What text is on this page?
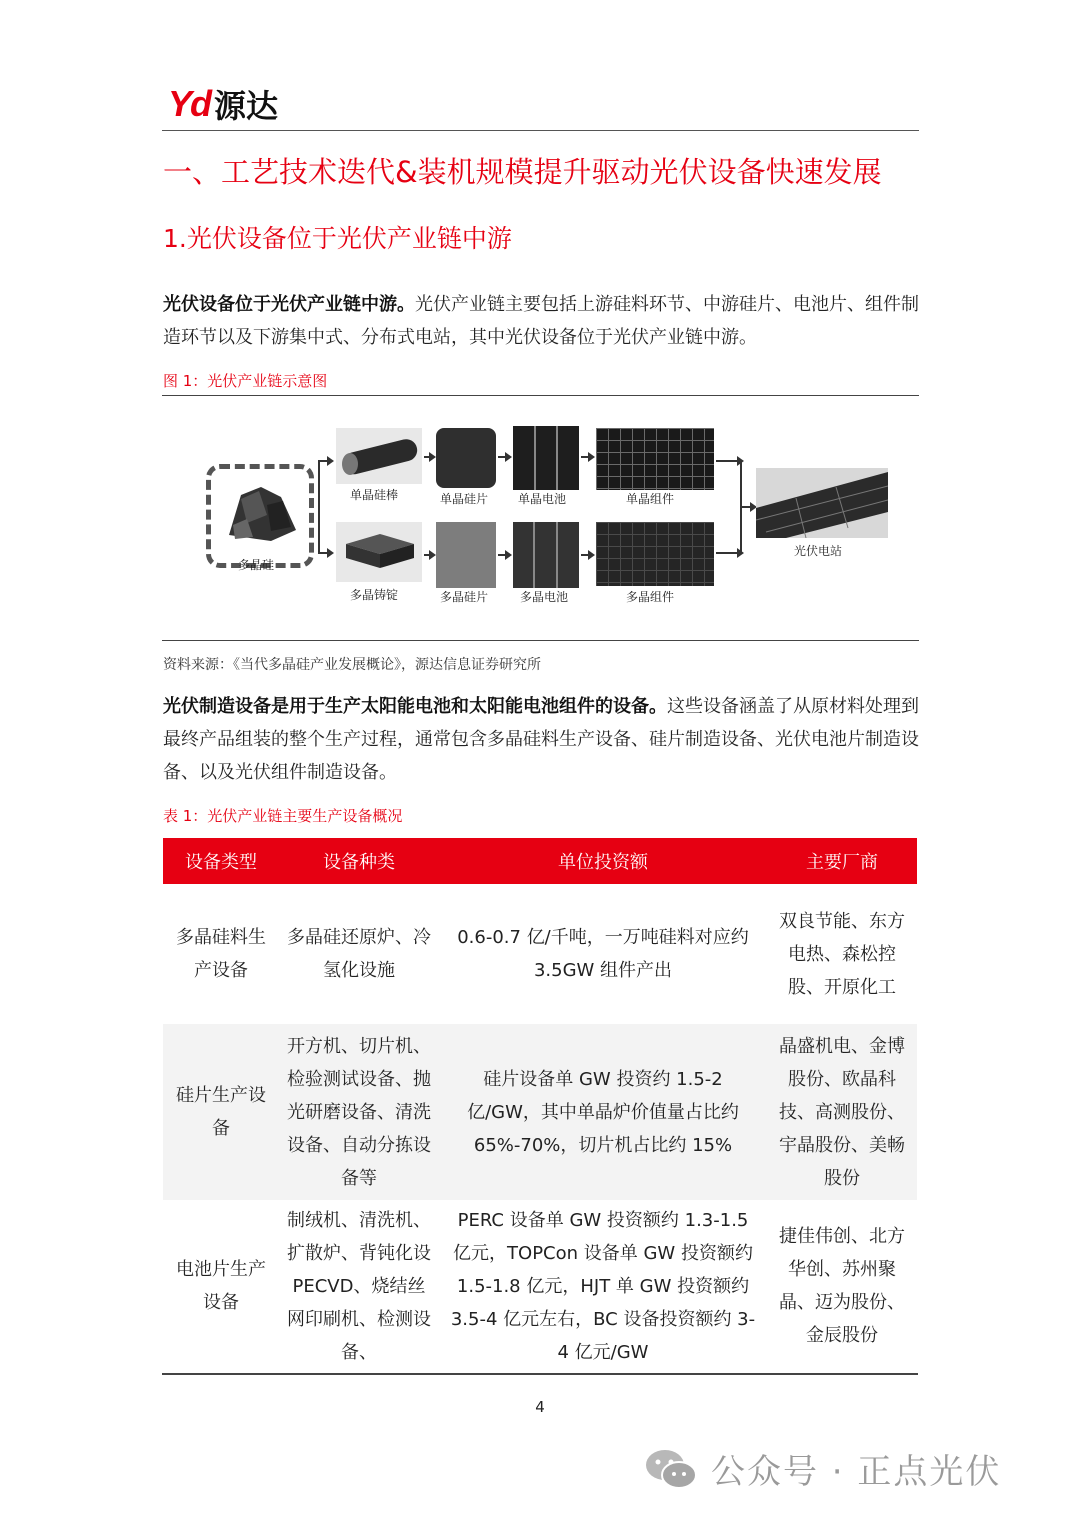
Yd 源达
一、工艺技术迭代&装机规模提升驱动光伏设备快速发展
1.光伏设备位于光伏产业链中游
光伏设备位于光伏产业链中游。光伏产业链主要包括上游硅料环节、中游硅片、电池片、组件制造环节以及下游集中式、分布式电站，其中光伏设备位于光伏产业链中游。
图 1：光伏产业链示意图
多晶硅
单晶硅棒	单晶硅片 单晶电池	单晶组件
多晶铸锭	多晶硅片	多晶电池	多晶组件
光伏电站
资料来源：《当代多晶硅产业发展概论》，源达信息证券研究所
光伏制造设备是用于生产太阳能电池和太阳能电池组件的设备。这些设备涵盖了从原材料处理到最终产品组装的整个生产过程，通常包含多晶硅料生产设备、硅片制造设备、光伏电池片制造设备、以及光伏组件制造设备。
表 1：光伏产业链主要生产设备概况
设备类型	设备种类	单位投资额	主要厂商
多晶硅料生产设备	多晶硅还原炉、冷氢化设施	0.6-0.7 亿/千吨，一万吨硅料对应约 3.5GW 组件产出	双良节能、东方电热、森松控股、开原化工
硅片生产设备	开方机、切片机、检验测试设备、抛光研磨设备、清洗设备、自动分拣设备等	硅片设备单 GW 投资约 1.5-2 亿/GW，其中单晶炉价值量占比约 65%-70%，切片机占比约 15%	晶盛机电、金博股份、欧晶科技、高测股份、宇晶股份、美畅股份
电池片生产设备	制绒机、清洗机、扩散炉、背钝化设 PECVD、烧结丝网印刷机、检测设备、	PERC 设备单 GW 投资额约 1.3-1.5 亿元，TOPCon 设备单 GW 投资额约 1.5-1.8 亿元，HJT 单 GW 投资额约 3.5-4 亿元左右，BC 设备投资额约 3-4 亿元/GW	捷佳伟创、北方华创、苏州聚晶、迈为股份、金辰股份
4
公众号 · 正点光伏
